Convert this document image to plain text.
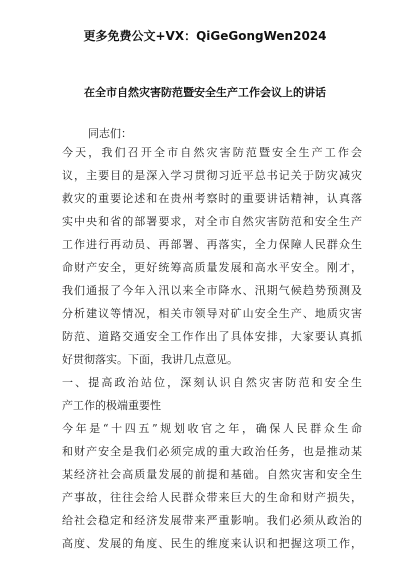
更多免费公文+VX：QiGeGongWen2024
在全市自然灾害防范暨安全生产工作会议上的讲话
同志们：
今天，我们召开全市自然灾害防范暨安全生产工作会
议，主要目的是深入学习贯彻习近平总书记关于防灾减灾
救灾的重要论述和在贵州考察时的重要讲话精神，认真落
实中央和省的部署要求，对全市自然灾害防范和安全生产
工作进行再动员、再部署、再落实，全力保障人民群众生
命财产安全，更好统筹高质量发展和高水平安全。刚才，
我们通报了今年入汛以来全市降水、汛期气候趋势预测及
分析建议等情况，相关市领导对矿山安全生产、地质灾害
防范、道路交通安全工作作出了具体安排，大家要认真抓
好贯彻落实。下面，我讲几点意见。
一、提高政治站位，深刻认识自然灾害防范和安全生
产工作的极端重要性
今年是“十四五”规划收官之年，确保人民群众生命
和财产安全是我们必须完成的重大政治任务，也是推动某
某经济社会高质量发展的前提和基础。自然灾害和安全生
产事故，往往会给人民群众带来巨大的生命和财产损失，
给社会稳定和经济发展带来严重影响。我们必须从政治的
高度、发展的角度、民生的维度来认识和把握这项工作，
